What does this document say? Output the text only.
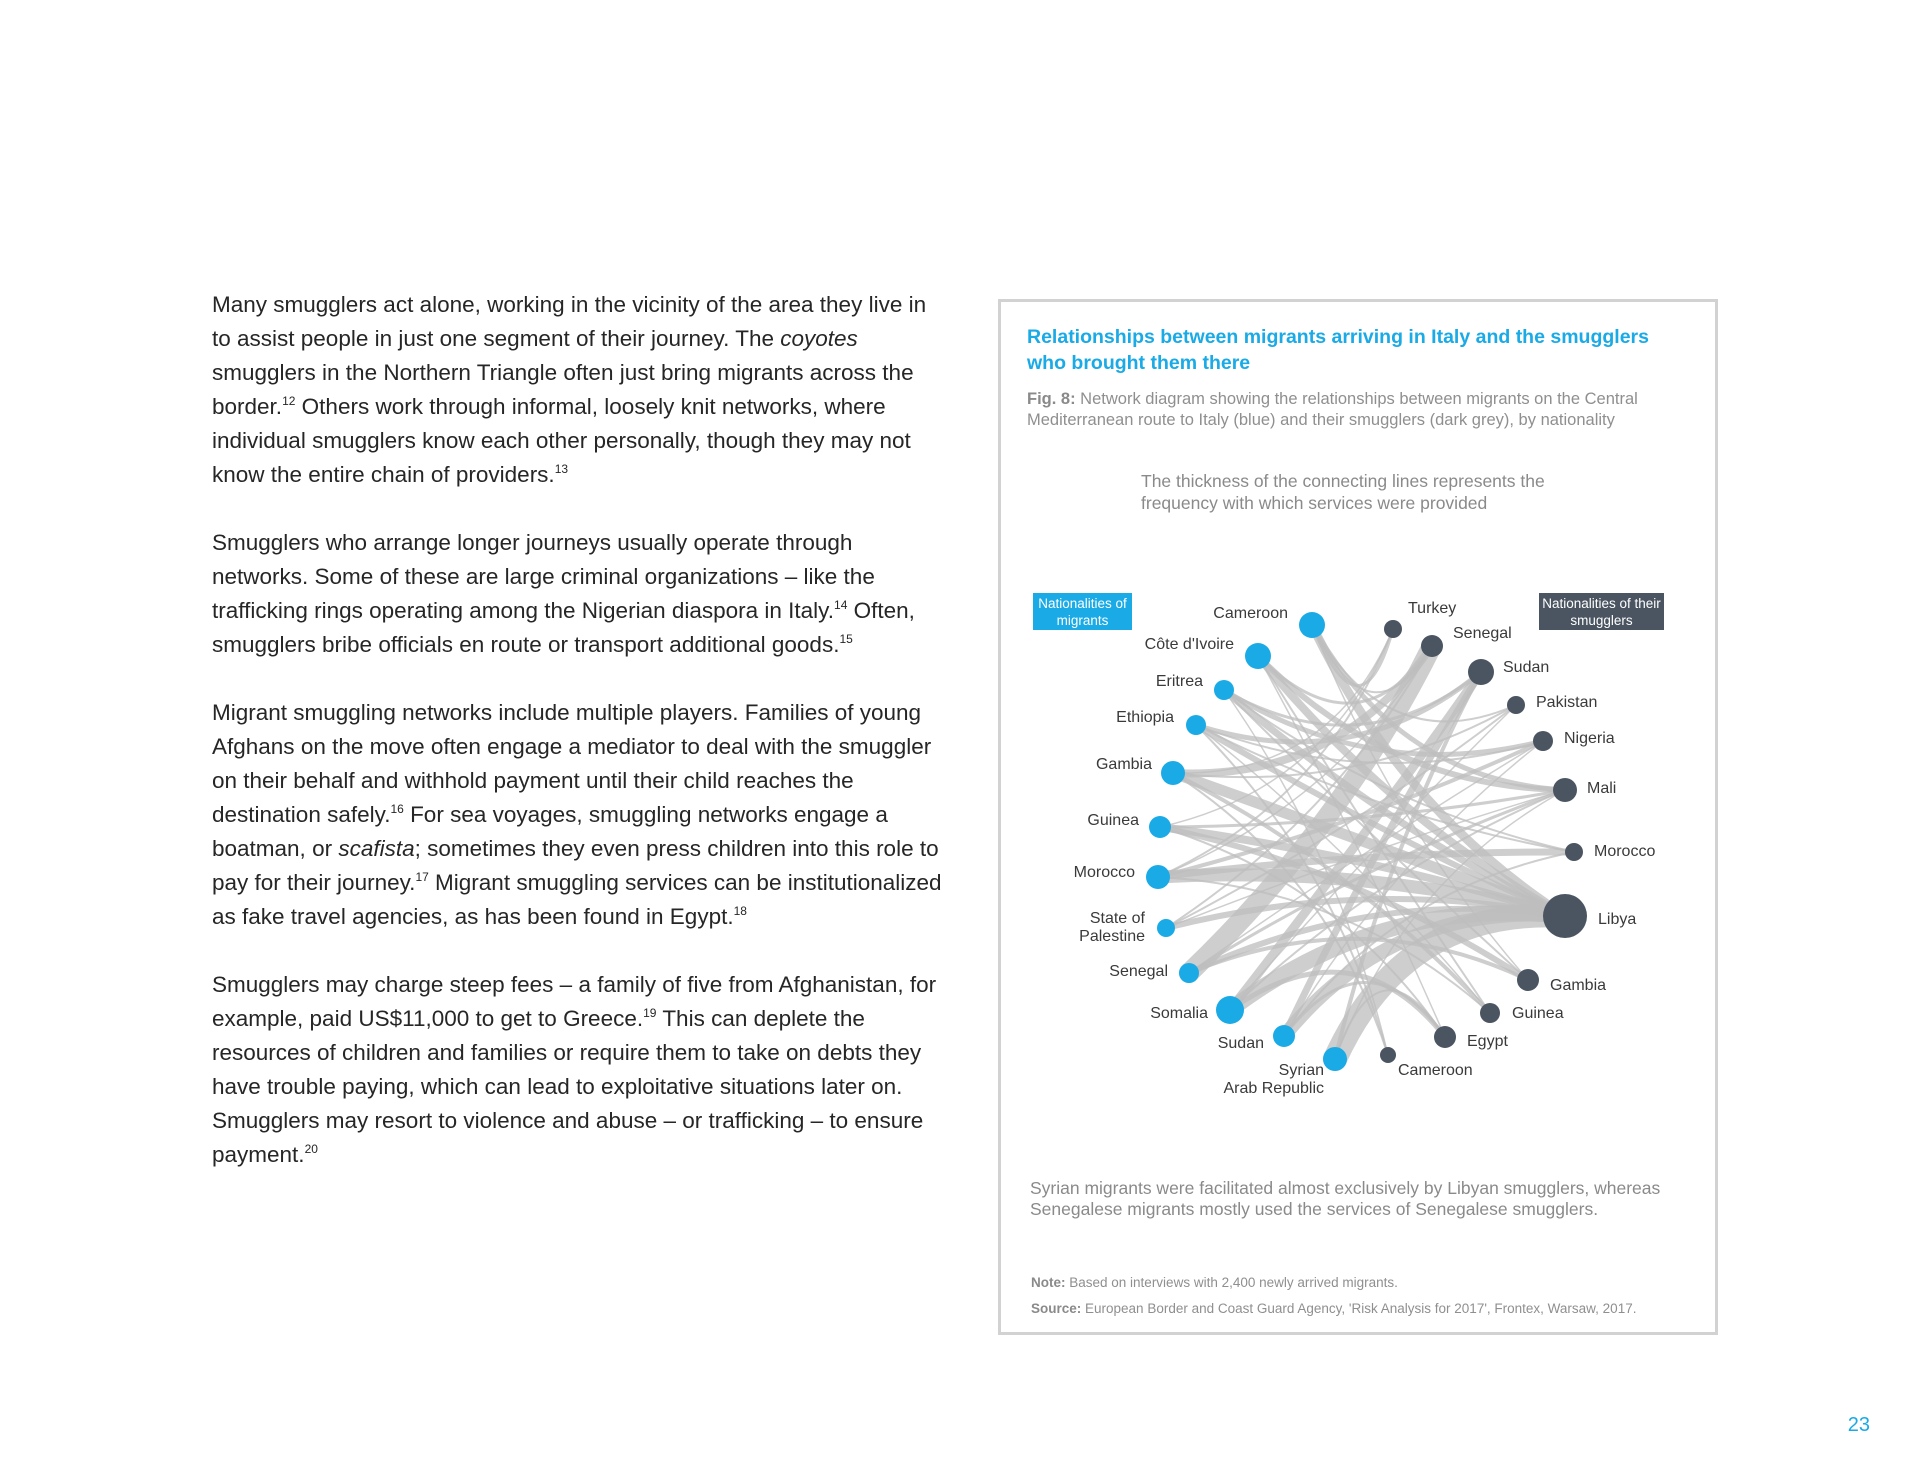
Many smugglers act alone, working in the vicinity of the area they live in to assist people in just one segment of their journey. The coyotes smugglers in the Northern Triangle often just bring migrants across the border.$^{12}$ Others work through informal, loosely knit networks, where individual smugglers know each other personally, though they may not know the entire chain of providers.$^{13}$

Smugglers who arrange longer journeys usually operate through networks. Some of these are large criminal organizations – like the trafficking rings operating among the Nigerian diaspora in Italy.$^{14}$ Often, smugglers bribe officials en route or transport additional goods.$^{15}$

Migrant smuggling networks include multiple players. Families of young Afghans on the move often engage a mediator to deal with the smuggler on their behalf and withhold payment until their child reaches the destination safely.$^{16}$ For sea voyages, smuggling networks engage a boatman, or scafista; sometimes they even press children into this role to pay for their journey.$^{17}$ Migrant smuggling services can be institutionalized as fake travel agencies, as has been found in Egypt.$^{18}$

Smugglers may charge steep fees – a family of five from Afghanistan, for example, paid US$11,000 to get to Greece.$^{19}$ This can deplete the resources of children and families or require them to take on debts they have trouble paying, which can lead to exploitative situations later on. Smugglers may resort to violence and abuse – or trafficking – to ensure payment.$^{20}$

Relationships between migrants arriving in Italy and the smugglers who brought them there
Fig. 8: Network diagram showing the relationships between migrants on the Central Mediterranean route to Italy (blue) and their smugglers (dark grey), by nationality
The thickness of the connecting lines represents the frequency with which services were provided
Cameroon
Côte d'Ivoire
Eritrea
Ethiopia
Gambia
Guinea
Morocco
State of Palestine
Senegal
Somalia
Sudan
Syrian Arab Republic
Turkey
Senegal
Sudan
Pakistan
Nigeria
Mali
Morocco
Libya
Gambia
Guinea
Egypt
Cameroon
Nationalities of migrants
Nationalities of their smugglers
Syrian migrants were facilitated almost exclusively by Libyan smugglers, whereas Senegalese migrants mostly used the services of Senegalese smugglers.
Note: Based on interviews with 2,400 newly arrived migrants.
Source: European Border and Coast Guard Agency, 'Risk Analysis for 2017', Frontex, Warsaw, 2017.
23
